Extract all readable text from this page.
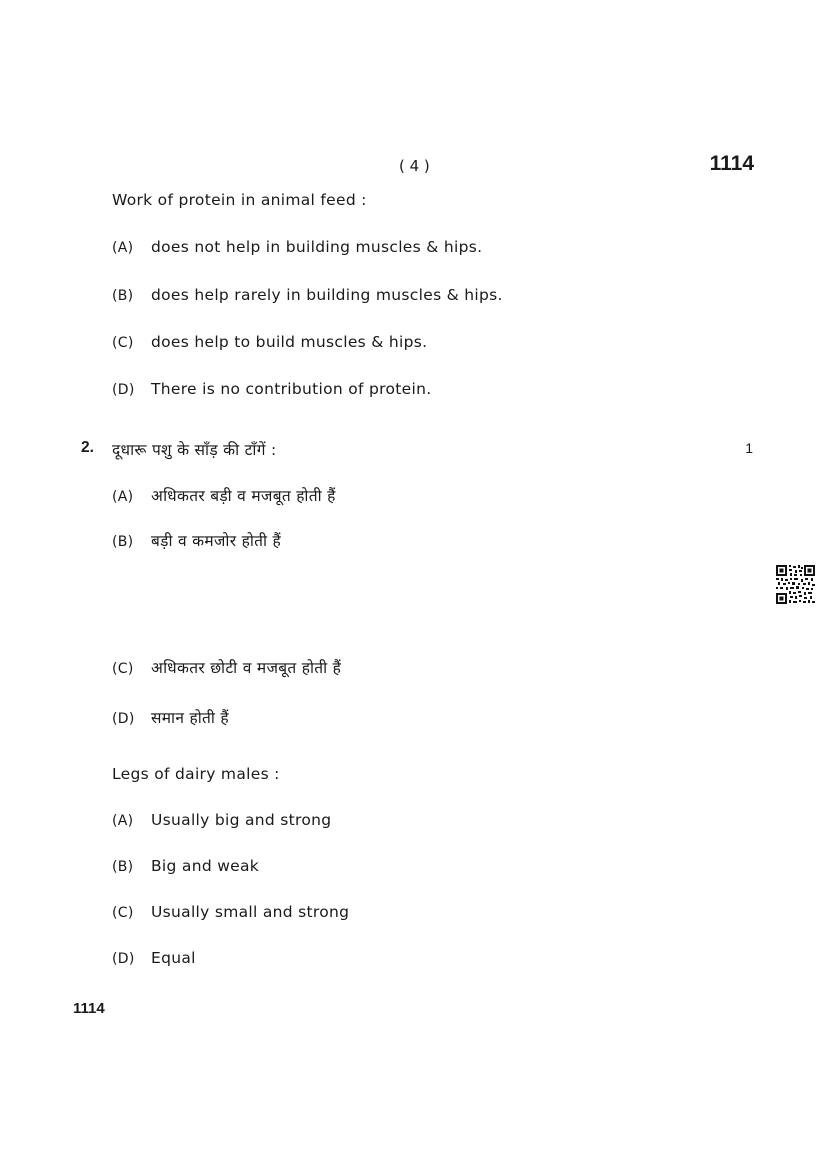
( 4 )	1114
Work of protein in animal feed :
(A) does not help in building muscles & hips.
(B) does help rarely in building muscles & hips.
(C) does help to build muscles & hips.
(D) There is no contribution of protein.
2. दूधारू पशु के साँड़ की टाँगें :	1
(A) अधिकतर बड़ी व मजबूत होती हैं
(B) बड़ी व कमजोर होती हैं
(C) अधिकतर छोटी व मजबूत होती हैं
(D) समान होती हैं
Legs of dairy males :
(A) Usually big and strong
(B) Big and weak
(C) Usually small and strong
(D) Equal
1114
